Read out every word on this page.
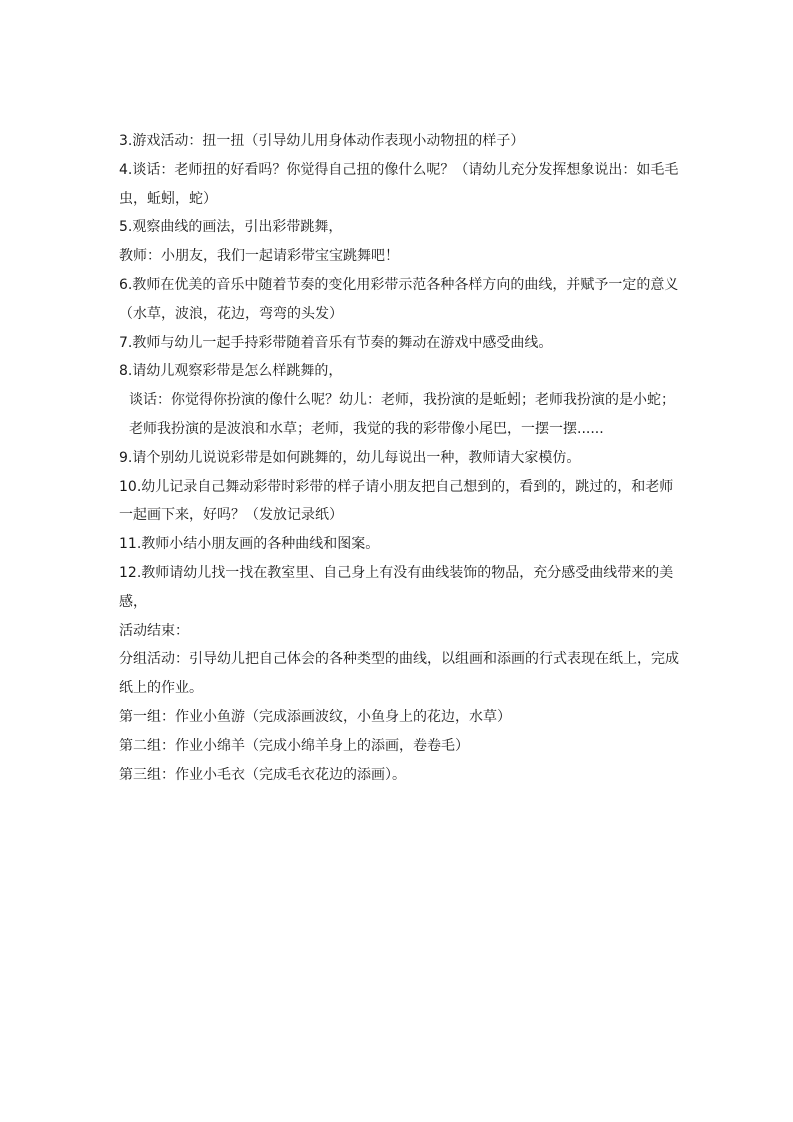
3.游戏活动：扭一扭（引导幼儿用身体动作表现小动物扭的样子）

4.谈话：老师扭的好看吗？你觉得自己扭的像什么呢？（请幼儿充分发挥想象说出：如毛毛虫，蚯蚓，蛇）

5.观察曲线的画法，引出彩带跳舞，

教师：小朋友，我们一起请彩带宝宝跳舞吧！

6.教师在优美的音乐中随着节奏的变化用彩带示范各种各样方向的曲线，并赋予一定的意义（水草，波浪，花边，弯弯的头发）

7.教师与幼儿一起手持彩带随着音乐有节奏的舞动在游戏中感受曲线。

8.请幼儿观察彩带是怎么样跳舞的，

谈话：你觉得你扮演的像什么呢？幼儿：老师，我扮演的是蚯蚓；老师我扮演的是小蛇；老师我扮演的是波浪和水草；老师，我觉的我的彩带像小尾巴，一摆一摆......

9.请个别幼儿说说彩带是如何跳舞的，幼儿每说出一种，教师请大家模仿。

10.幼儿记录自己舞动彩带时彩带的样子请小朋友把自己想到的，看到的，跳过的，和老师一起画下来，好吗？（发放记录纸）

11.教师小结小朋友画的各种曲线和图案。

12.教师请幼儿找一找在教室里、自己身上有没有曲线装饰的物品，充分感受曲线带来的美感，

活动结束：

分组活动：引导幼儿把自己体会的各种类型的曲线，以组画和添画的行式表现在纸上，完成纸上的作业。

第一组：作业小鱼游（完成添画波纹，小鱼身上的花边，水草）

第二组：作业小绵羊（完成小绵羊身上的添画，卷卷毛）

第三组：作业小毛衣（完成毛衣花边的添画）。
